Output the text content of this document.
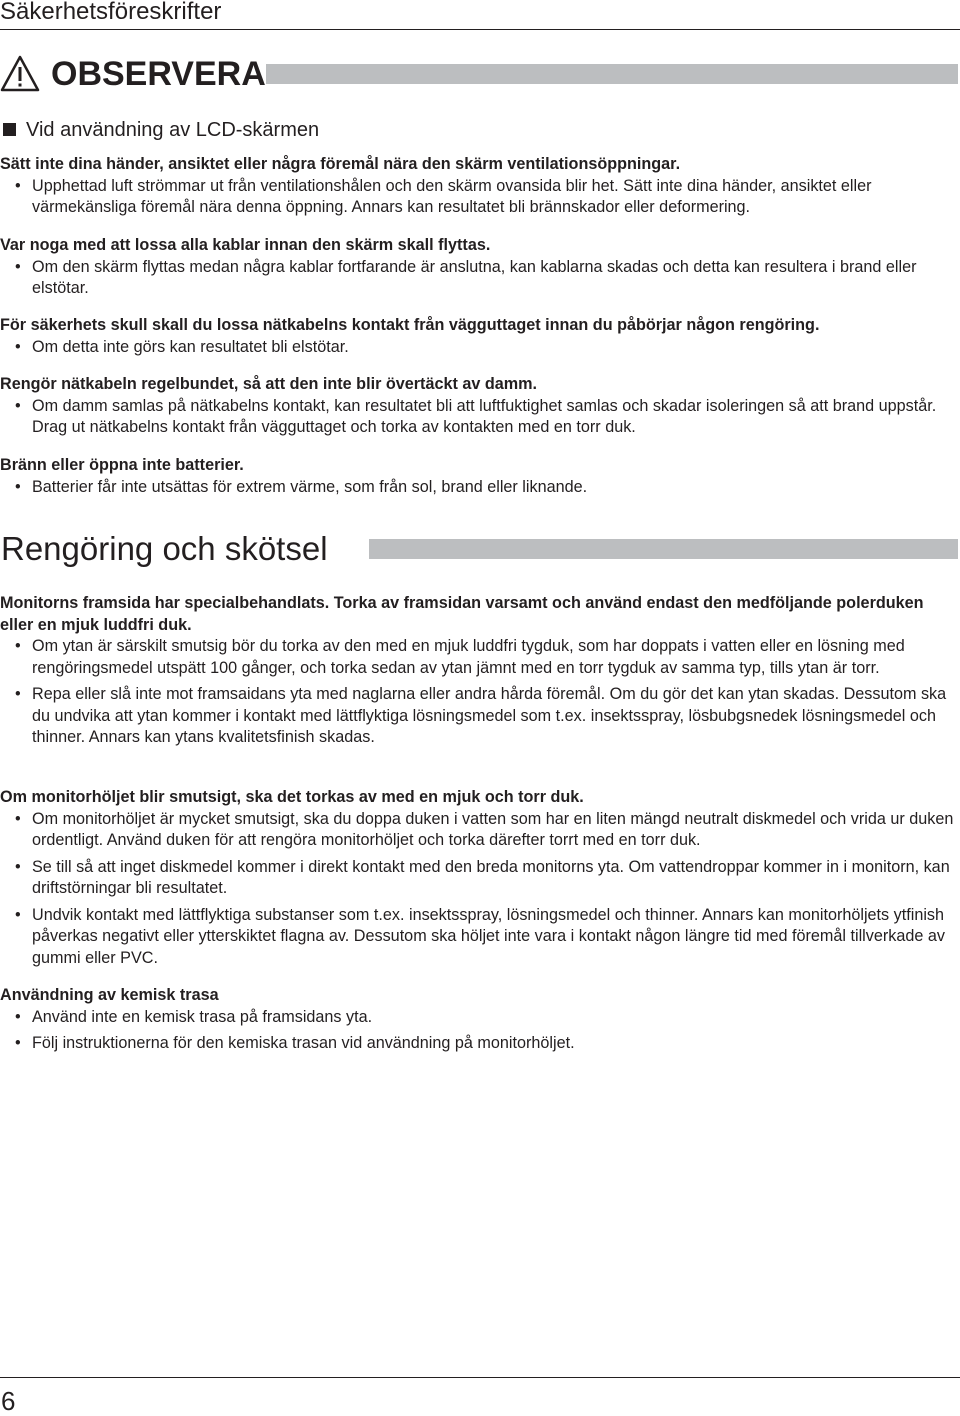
Säkerhetsföreskrifter
OBSERVERA
Vid användning av LCD-skärmen

Sätt inte dina händer, ansiktet eller några föremål nära den skärm ventilationsöppningar.

• Upphettad luft strömmar ut från ventilationshålen och den skärm ovansida blir het. Sätt inte dina händer, ansiktet eller värmekänsliga föremål nära denna öppning. Annars kan resultatet bli brännskador eller deformering.

Var noga med att lossa alla kablar innan den skärm skall flyttas.

• Om den skärm flyttas medan några kablar fortfarande är anslutna, kan kablarna skadas och detta kan resultera i brand eller elstötar.

För säkerhets skull skall du lossa nätkabelns kontakt från vägguttaget innan du påbörjar någon rengöring.

• Om detta inte görs kan resultatet bli elstötar.

Rengör nätkabeln regelbundet, så att den inte blir övertäckt av damm.

• Om damm samlas på nätkabelns kontakt, kan resultatet bli att luftfuktighet samlas och skadar isoleringen så att brand uppstår. Drag ut nätkabelns kontakt från vägguttaget och torka av kontakten med en torr duk.

Bränn eller öppna inte batterier.

• Batterier får inte utsättas för extrem värme, som från sol, brand eller liknande.
Rengöring och skötsel

Monitorns framsida har specialbehandlats. Torka av framsidan varsamt och använd endast den medföljande polerduken eller en mjuk luddfri duk.

• Om ytan är särskilt smutsig bör du torka av den med en mjuk luddfri tygduk, som har doppats i vatten eller en lösning med rengöringsmedel utspätt 100 gånger, och torka sedan av ytan jämnt med en torr tygduk av samma typ, tills ytan är torr.
• Repa eller slå inte mot framsaidans yta med naglarna eller andra hårda föremål. Om du gör det kan ytan skadas. Dessutom ska du undvika att ytan kommer i kontakt med lättflyktiga lösningsmedel som t.ex. insektsspray, lösbubgsnedek lösningsmedel och thinner. Annars kan ytans kvalitetsfinish skadas.

Om monitorhöljet blir smutsigt, ska det torkas av med en mjuk och torr duk.

• Om monitorhöljet är mycket smutsigt, ska du doppa duken i vatten som har en liten mängd neutralt diskmedel och vrida ur duken ordentligt. Använd duken för att rengöra monitorhöljet och torka därefter torrt med en torr duk.
• Se till så att inget diskmedel kommer i direkt kontakt med den breda monitorns yta. Om vattendroppar kommer in i monitorn, kan driftstörningar bli resultatet.
• Undvik kontakt med lättflyktiga substanser som t.ex. insektsspray, lösningsmedel och thinner. Annars kan monitorhöljets ytfinish påverkas negativt eller ytterskiktet flagna av. Dessutom ska höljet inte vara i kontakt någon längre tid med föremål tillverkade av gummi eller PVC.

Användning av kemisk trasa

• Använd inte en kemisk trasa på framsidans yta.
• Följ instruktionerna för den kemiska trasan vid användning på monitorhöljet.
6
